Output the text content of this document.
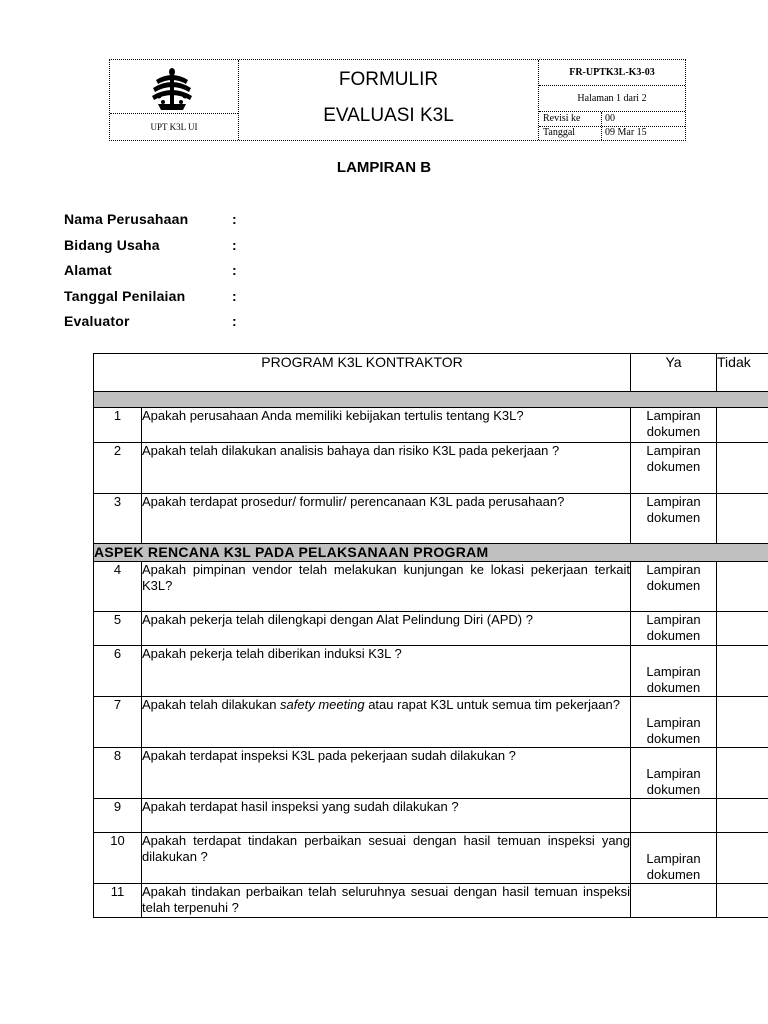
UPT K3L UI
FORMULIR
EVALUASI K3L
FR-UPTK3L-K3-03
Halaman 1 dari 2
Revisi ke 00
Tanggal	09 Mar 15
LAMPIRAN B
Nama Perusahaan	:
Bidang Usaha	:
Alamat	:
Tanggal Penilaian	:
Evaluator	:
PROGRAM K3L KONTRAKTOR		Ya	Tidak

1	Apakah perusahaan Anda memiliki kebijakan tertulis tentang K3L?	Lampiran
dokumen	

2	Apakah telah dilakukan analisis bahaya dan risiko K3L pada pekerjaan ?	Lampiran
dokumen	

3	Apakah terdapat prosedur/ formulir/ perencanaan K3L pada perusahaan?	Lampiran
dokumen	

ASPEK RENCANA K3L PADA PELAKSANAAN PROGRAM			
4	Apakah pimpinan vendor telah melakukan kunjungan ke lokasi pekerjaan terkait K3L?	Lampiran
dokumen	

5	Apakah pekerja telah dilengkapi dengan Alat Pelindung Diri (APD) ?	Lampiran
dokumen	

6	Apakah pekerja telah diberikan induksi K3L ?	Lampiran
dokumen	

7	Apakah telah dilakukan safety meeting atau rapat K3L untuk semua tim pekerjaan?	Lampiran
dokumen	

8	Apakah terdapat inspeksi K3L pada pekerjaan sudah dilakukan ?	Lampiran
dokumen	

9	Apakah terdapat hasil inspeksi yang sudah dilakukan ?		
10	Apakah terdapat tindakan perbaikan sesuai dengan hasil temuan inspeksi yang dilakukan ?	Lampiran
dokumen	

11	Apakah tindakan perbaikan telah seluruhnya sesuai dengan hasil temuan inspeksi telah terpenuhi ?		
